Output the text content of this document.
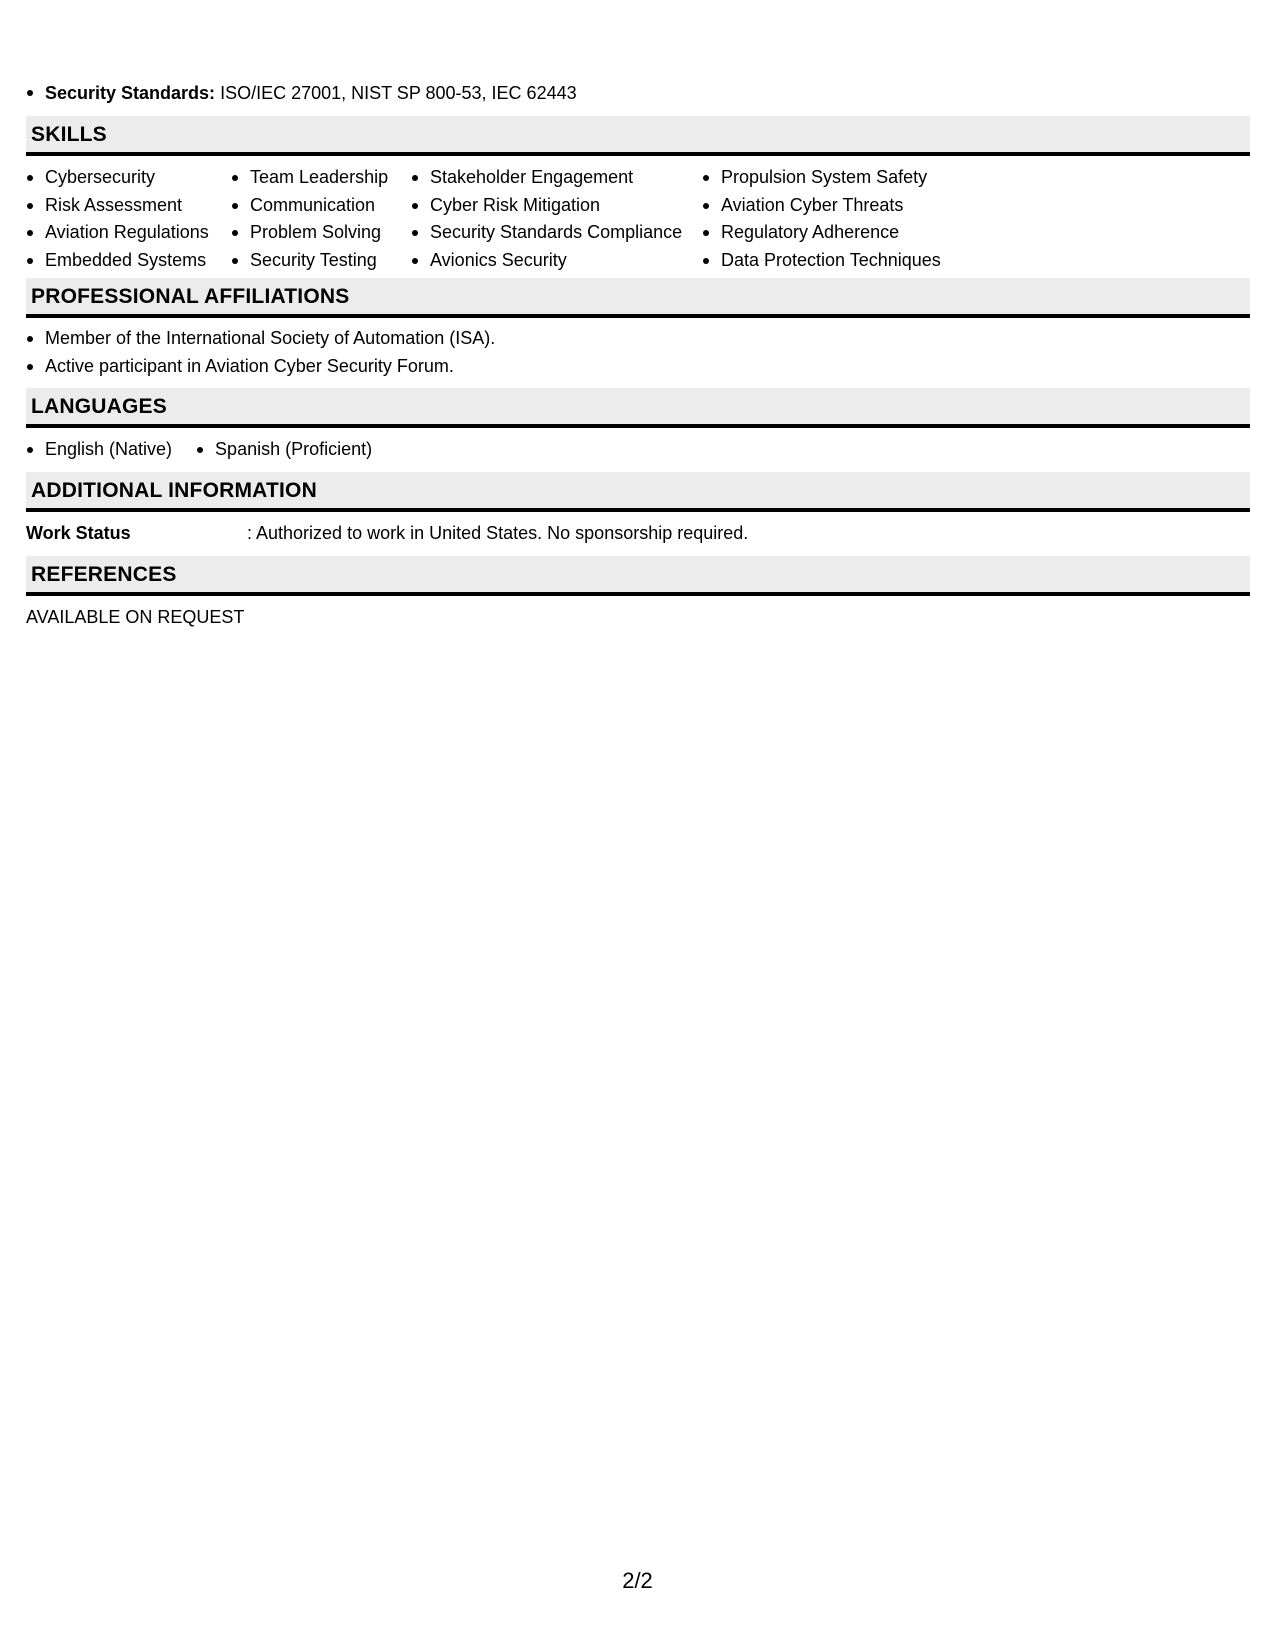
Security Standards: ISO/IEC 27001, NIST SP 800-53, IEC 62443
SKILLS
Cybersecurity
Risk Assessment
Aviation Regulations
Embedded Systems
Team Leadership
Communication
Problem Solving
Security Testing
Stakeholder Engagement
Cyber Risk Mitigation
Security Standards Compliance
Avionics Security
Propulsion System Safety
Aviation Cyber Threats
Regulatory Adherence
Data Protection Techniques
PROFESSIONAL AFFILIATIONS
Member of the International Society of Automation (ISA).
Active participant in Aviation Cyber Security Forum.
LANGUAGES
English (Native)	Spanish (Proficient)
ADDITIONAL INFORMATION
Work Status	: Authorized to work in United States. No sponsorship required.
REFERENCES
AVAILABLE ON REQUEST
2/2
